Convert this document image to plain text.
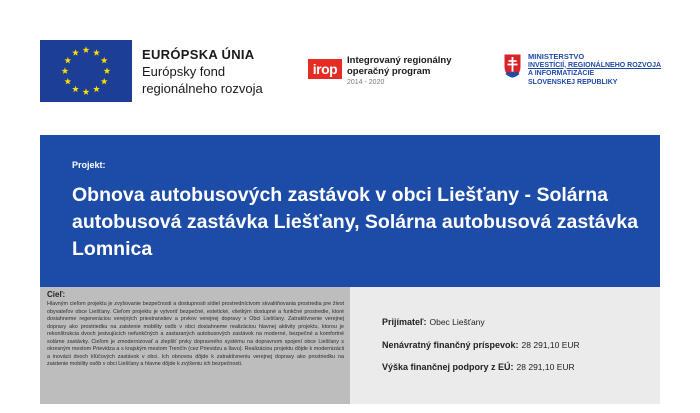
EURÓPSKA ÚNIA
Európsky fond
regionálneho rozvoja
irop
Integrovaný regionálny
operačný program
2014 - 2020
MINISTERSTVO
INVESTÍCIÍ, REGIONÁLNEHO ROZVOJA
A INFORMATIZÁCIE
SLOVENSKEJ REPUBLIKY
Projekt:
Obnova autobusových zastávok v obci Liešťany - Solárna autobusová zastávka Liešťany, Solárna autobusová zastávka Lomnica
Cieľ:
Hlavným cieľom projektu je zvyšovanie bezpečnosti a dostupnosti sídiel prostredníctvom skvalitňovania prostredia pre život obyvateľov obce Liešťany. Cieľom projektu je vytvoriť bezpečné, estetické, všetkým dostupné a funkčné prostredie, ktoré dosiahneme regeneráciou verejných priestranstiev a prvkov verejnej dopravy v Obci Liešťany. Zatraktívnenie verejnej dopravy ako prostriedku na zaistenie mobility osôb v obci dosiahneme realizáciou hlavnej aktivity projektu, ktorou je rekonštrukcia dvoch jestvujúcich nefunkčných a zastaraných autobusových zastávok na moderné, bezpečné a komfortné solárne zastávky. Cieľom je zmodernizovať a zlepšiť prvky dopravného systému na dopravnom spojení obce Liešťany s okresným mestom Prievidza a s krajským mestom Trenčín (cez Prievidzu a Ilavu). Realizáciou projektu dôjde k modernizácii a inovácii dvoch kľúčových zastávok v obci. Ich obnovou dôjde k zatraktívneniu verejnej dopravy ako prostriedku na zaistenie mobility osôb v obci Liešťany a hlavne dôjde k zvýšeniu ich bezpečnosti.
Prijímateľ: Obec Liešťany
Nenávratný finančný príspevok: 28 291,10 EUR
Výška finančnej podpory z EÚ: 28 291,10 EUR
